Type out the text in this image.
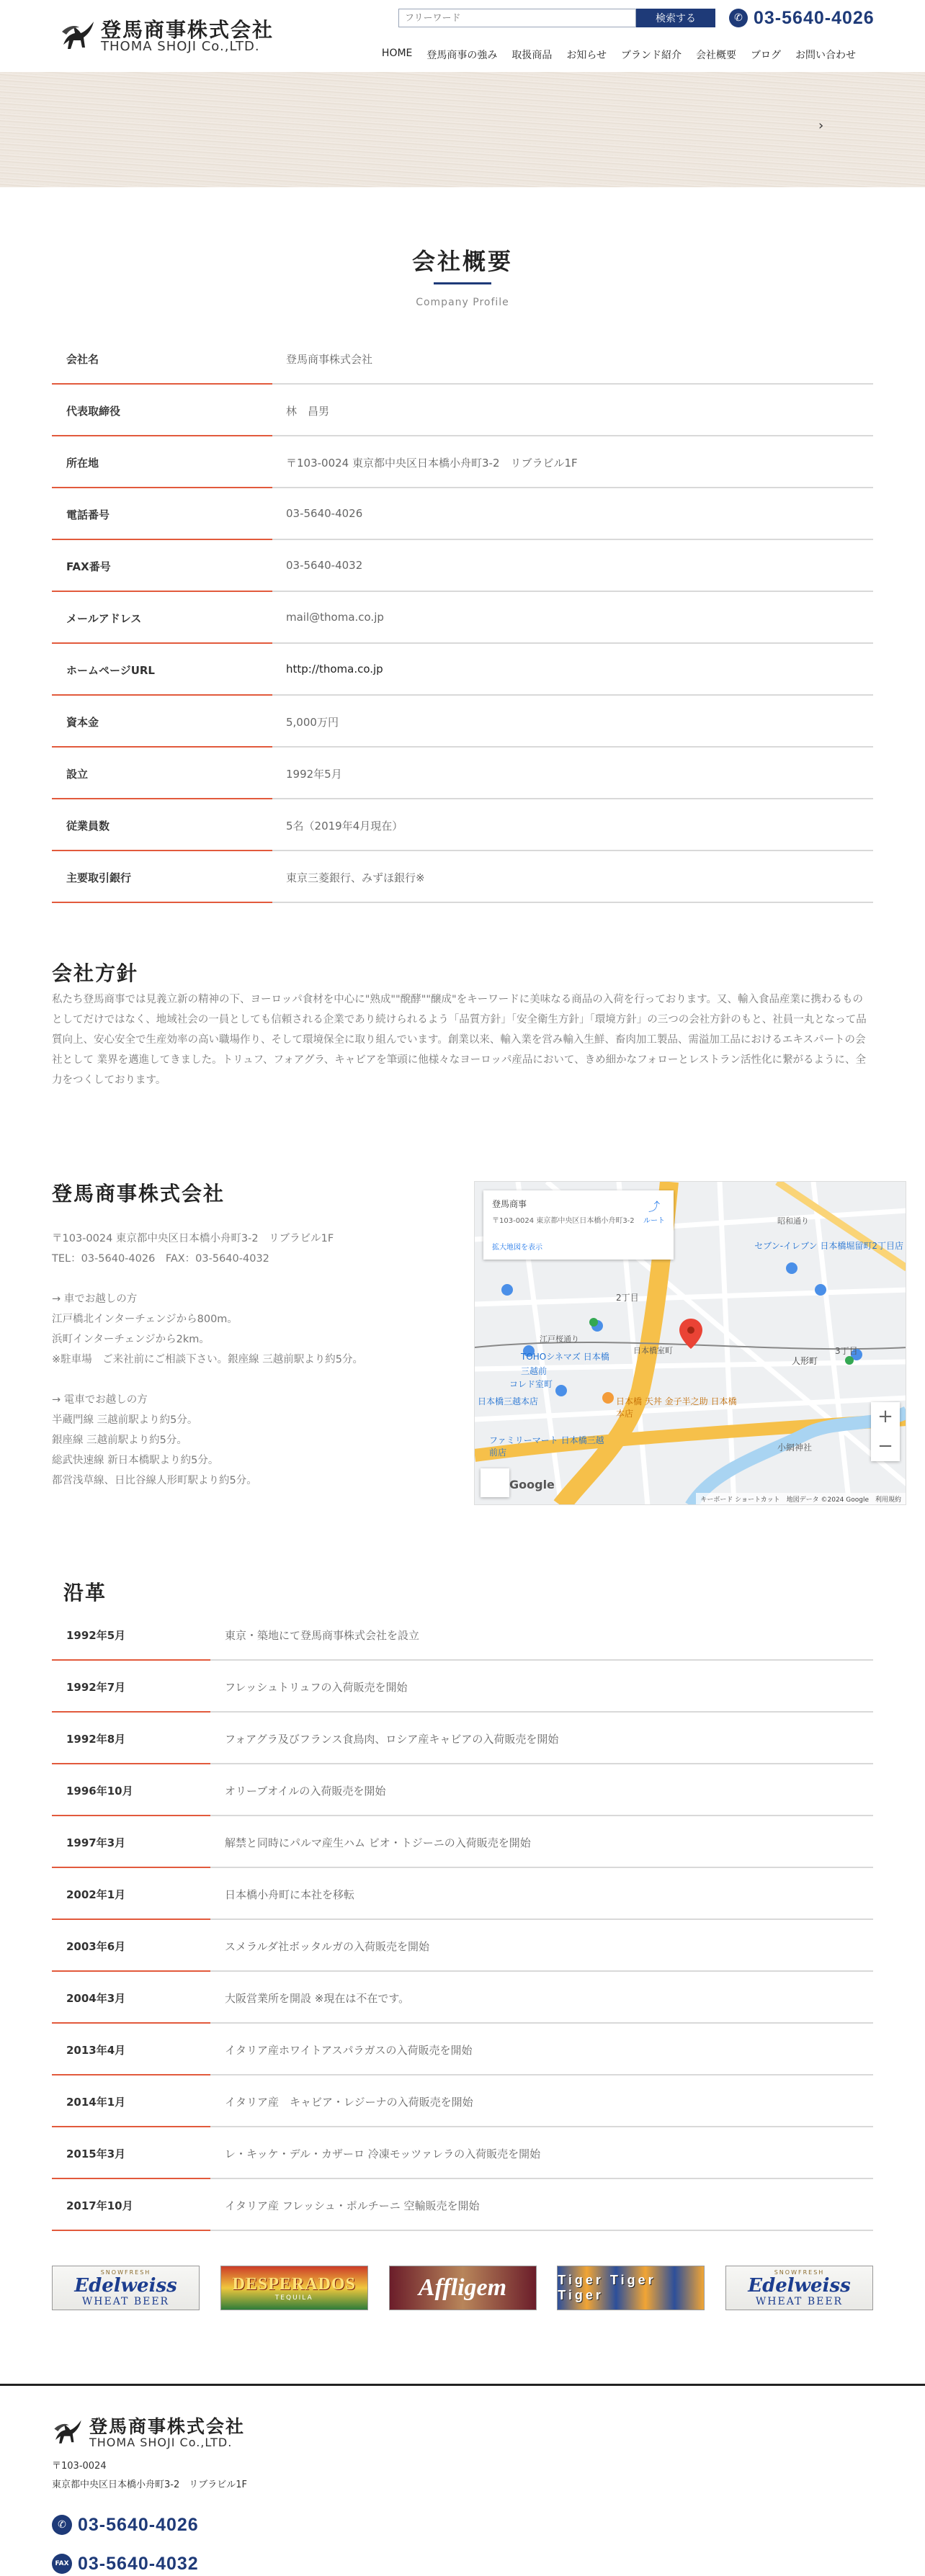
登馬商事株式会社
THOMA SHOJI Co.,LTD.
フリーワード
検索する	✆ 03-5640-4026
HOME 登馬商事の強み 取扱商品 お知らせ ブランド紹介 会社概要 ブログ お問い合わせ
›
会社概要
Company Profile
会社名	登馬商事株式会社
代表取締役	林　昌男
所在地	〒103-0024 東京都中央区日本橋小舟町3-2　リブラビル1F
電話番号	03-5640-4026
FAX番号	03-5640-4032
メールアドレス	mail@thoma.co.jp
ホームページURL	http://thoma.co.jp
資本金	5,000万円
設立	1992年5月
従業員数	5名（2019年4月現在）
主要取引銀行	東京三菱銀行、みずほ銀行※
会社方針

私たち登馬商事では見義立新の精神の下、ヨーロッパ食材を中心に"熟成""醗酵""醸成"をキーワードに美味なる商品の入荷を行っております。又、輸入食品産業に携わるものとしてだけではなく、地域社会の一員としても信頼される企業であり続けられるよう「品質方針」「安全衛生方針」「環境方針」の三つの会社方針のもと、社員一丸となって品質向上、安心安全で生産効率の高い職場作り、そして環境保全に取り組んでいます。創業以来、輸入業を営み輸入生鮮、畜肉加工製品、需溢加工品におけるエキスパートの会社として 業界を邁進してきました。トリュフ、フォアグラ、キャビアを筆頭に他様々なヨーロッパ産品において、きめ細かなフォローとレストラン活性化に繋がるように、全力をつくしております。

登馬商事株式会社

〒103-0024 東京都中央区日本橋小舟町3-2　リブラビル1F

TEL：03-5640-4026　FAX：03-5640-4032

→ 車でお越しの方

江戸橋北インターチェンジから800m。

浜町インターチェンジから2km。

※駐車場　ご来社前にご相談下さい。銀座線 三越前駅より約5分。

→ 電車でお越しの方

半蔵門線 三越前駅より約5分。

銀座線 三越前駅より約5分。

総武快速線 新日本橋駅より約5分。

都営浅草線、日比谷線人形町駅より約5分。

TOHOシネマズ 日本橋
三越前
コレド室町
セブン-イレブン 日本橋堀留町2丁目店
日本橋三越本店
ファミリーマート 日本橋三越前店
日本橋 天丼 金子半之助 日本橋本店
人形町
2丁目
3丁目
小網神社
江戸桜通り
昭和通り
日本橋室町
登馬商事
〒103-0024 東京都中央区日本橋小舟町3-2
拡大地図を表示
⤴
ルート
+
−
Google
キーボード ショートカット　地図データ ©2024 Google　利用規約
沿革
1992年5月	東京・築地にて登馬商事株式会社を設立
1992年7月	フレッシュトリュフの入荷販売を開始
1992年8月	フォアグラ及びフランス食鳥肉、ロシア産キャビアの入荷販売を開始
1996年10月	オリーブオイルの入荷販売を開始
1997年3月	解禁と同時にパルマ産生ハム ビオ・トジーニの入荷販売を開始
2002年1月	日本橋小舟町に本社を移転
2003年6月	スメラルダ社ボッタルガの入荷販売を開始
2004年3月	大阪営業所を開設 ※現在は不在です。
2013年4月	イタリア産ホワイトアスパラガスの入荷販売を開始
2014年1月	イタリア産　キャビア・レジーナの入荷販売を開始
2015年3月	レ・キッケ・デル・カザーロ 冷凍モッツァレラの入荷販売を開始
2017年10月	イタリア産 フレッシュ・ポルチーニ 空輸販売を開始
SNOWFRESH
Edelweiss
WHEAT BEER
DESPERADOS
TEQUILA	Affligem	Tiger Tiger Tiger
SNOWFRESH
Edelweiss
WHEAT BEER
登馬商事株式会社
THOMA SHOJI Co.,LTD.
〒103-0024
東京都中央区日本橋小舟町3-2　リブラビル1F
✆ 03-5640-4026
FAX 03-5640-4032
